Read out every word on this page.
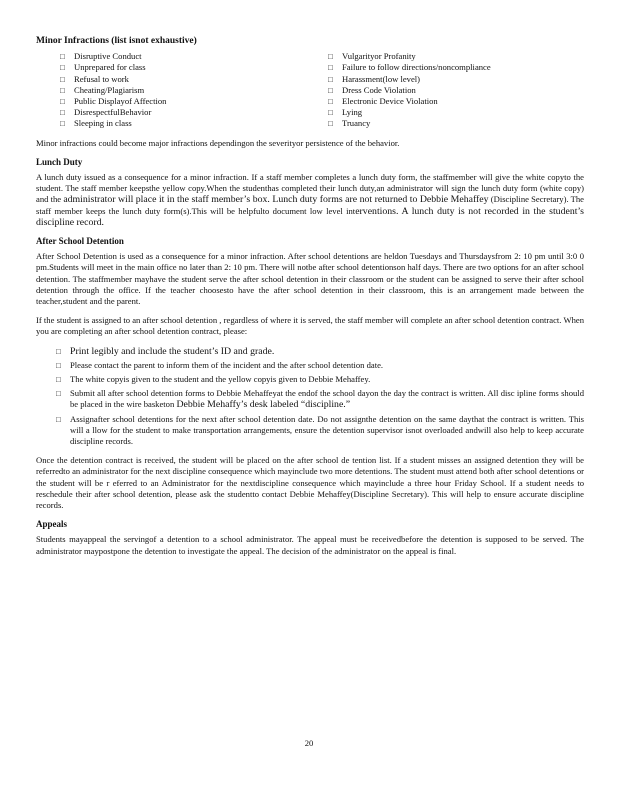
Minor Infractions (list isnot exhaustive)
□	Disruptive Conduct
□	Unprepared for class
□	Refusal to work
□	Cheating/Plagiarism
□	Public Displayof Affection
□	DisrespectfulBehavior
□	Sleeping in class
□	Vulgarityor Profanity
□	Failure to follow directions/noncompliance
□	Harassment(low level)
□	Dress Code Violation
□	Electronic Device Violation
□	Lying
□	Truancy

Minor infractions could become major infractions dependingon the severityor persistence of the behavior.

Lunch Duty

A lunch duty issued as a consequence for a minor infraction. If a staff member completes a lunch duty form, the staffmember will give the white copyto the student. The staff member keepsthe yellow copy.When the studenthas completed their lunch duty,an administrator will sign the lunch duty form (white copy) and the administrator will place it in the staff member’s box. Lunch duty forms are not returned to Debbie Mehaffey (Discipline Secretary). The staff member keeps the lunch duty form(s).This will be helpfulto document low level interventions. A lunch duty is not recorded in the student’s discipline record.

After School Detention

After School Detention is used as a consequence for a minor infraction. After school detentions are heldon Tuesdays and Thursdaysfrom 2: 10 pm until 3:0 0 pm.Students will meet in the main office no later than 2: 10 pm. There will notbe after school detentionson half days. There are two options for an after school detention. The staffmember mayhave the student serve the after school detention in their classroom or the student can be assigned to serve their after school detention through the office. If the teacher choosesto have the after school detention in their classroom, this is an arrangement made between the teacher,student and the parent.

If the student is assigned to an after school detention , regardless of where it is served, the staff member will complete an after school detention contract. When you are completing an after school detention contract, please:

□ Print legibly and include the student’s ID and grade.
□	Please contact the parent to inform them of the incident and the after school detention date.
□	The white copyis given to the student and the yellow copyis given to Debbie Mehaffey.
□	Submit all after school detention forms to Debbie Mehaffeyat the endof the school dayon the day the contract is written. All disc ipline forms should be placed in the wire basketon Debbie Mehaffy’s desk labeled “discipline.”
□	Assignafter school detentions for the next after school detention date. Do not assignthe detention on the same daythat the contract is written. This will a llow for the student to make transportation arrangements, ensure the detention supervisor isnot overloaded andwill also help to keep accurate discipline records.

Once the detention contract is received, the student will be placed on the after school de tention list. If a student misses an assigned detention they will be referredto an administrator for the next discipline consequence which mayinclude two more detentions. The student must attend both after school detentions or the student will be r eferred to an Administrator for the nextdiscipline consequence which mayinclude a three hour Friday School. If a student needs to reschedule their after school detention, please ask the studentto contact Debbie Mehaffey(Discipline Secretary). This will help to ensure accurate discipline records.

Appeals

Students mayappeal the servingof a detention to a school administrator. The appeal must be receivedbefore the detention is supposed to be served. The administrator maypostpone the detention to investigate the appeal. The decision of the administrator on the appeal is final.

20
